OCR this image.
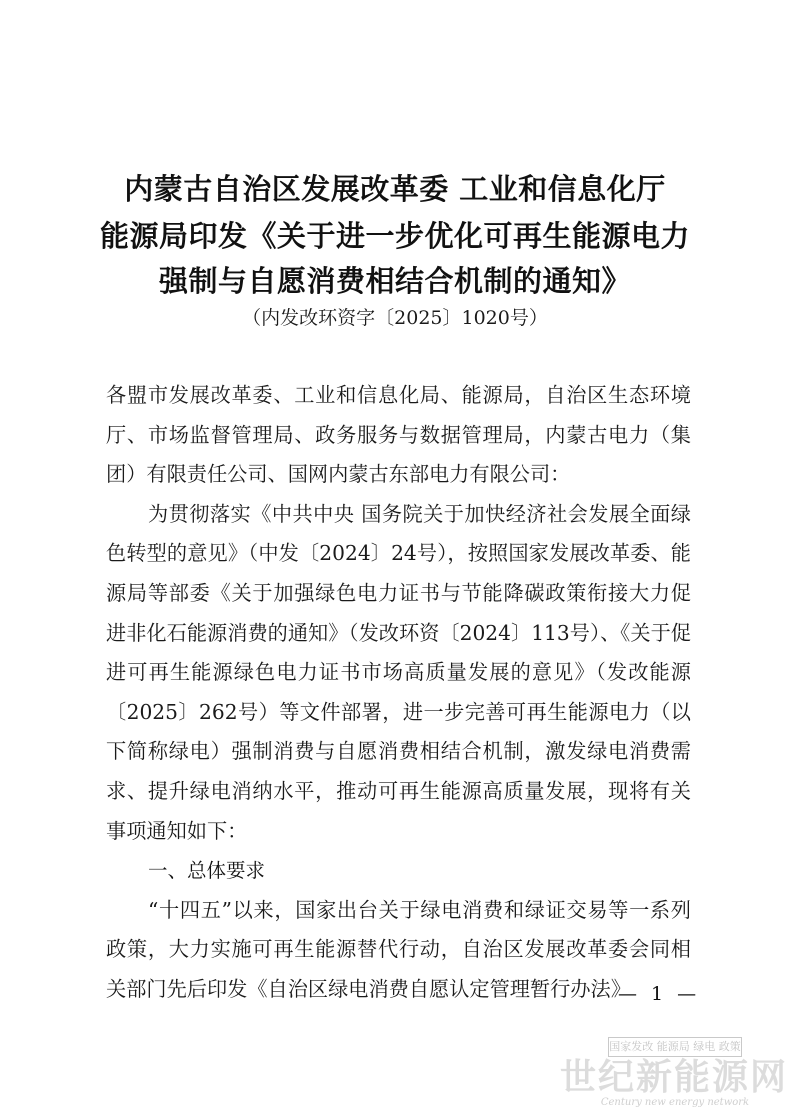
内蒙古自治区发展改革委 工业和信息化厅
能源局印发《关于进一步优化可再生能源电力
强制与自愿消费相结合机制的通知》
（内发改环资字〔2025〕1020号）

各盟市发展改革委、工业和信息化局、能源局，自治区生态环境厅、市场监督管理局、政务服务与数据管理局，内蒙古电力（集团）有限责任公司、国网内蒙古东部电力有限公司：

为贯彻落实《中共中央 国务院关于加快经济社会发展全面绿色转型的意见》（中发〔2024〕24号），按照国家发展改革委、能源局等部委《关于加强绿色电力证书与节能降碳政策衔接大力促进非化石能源消费的通知》（发改环资〔2024〕113号）、《关于促进可再生能源绿色电力证书市场高质量发展的意见》（发改能源〔2025〕262号）等文件部署，进一步完善可再生能源电力（以下简称绿电）强制消费与自愿消费相结合机制，激发绿电消费需求、提升绿电消纳水平，推动可再生能源高质量发展，现将有关事项通知如下：

一、总体要求

“十四五”以来，国家出台关于绿电消费和绿证交易等一系列政策，大力实施可再生能源替代行动，自治区发展改革委会同相关部门先后印发《自治区绿电消费自愿认定管理暂行办法》

— 1 —
国家发改 能源局 绿电 政策
世纪新能源网
Century new energy network
